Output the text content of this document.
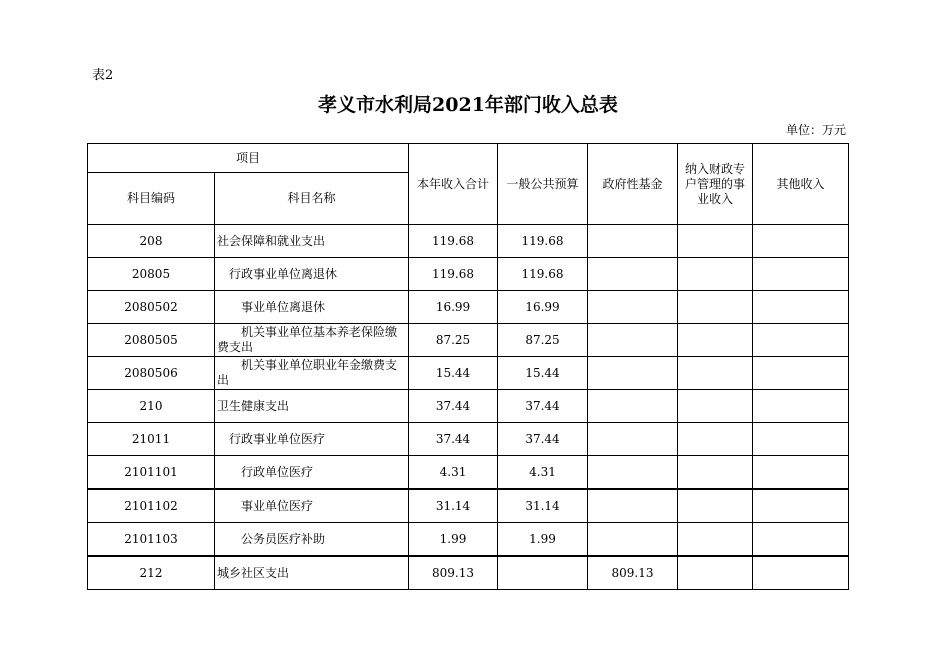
表2
孝义市水利局2021年部门收入总表
单位：万元
项目		本年收入合计	一般公共预算	政府性基金	纳入财政专户管理的事业收入	其他收入
科目编码	科目名称					
208	社会保障和就业支出	119.68	119.68			
20805	行政事业单位离退休	119.68	119.68			
2080502	事业单位离退休	16.99	16.99			
2080505	机关事业单位基本养老保险缴费支出	87.25	87.25			
2080506	机关事业单位职业年金缴费支出	15.44	15.44			
210	卫生健康支出	37.44	37.44			
21011	行政事业单位医疗	37.44	37.44			
2101101	行政单位医疗	4.31	4.31			
2101102	事业单位医疗	31.14	31.14			
2101103	公务员医疗补助	1.99	1.99			
212	城乡社区支出	809.13		809.13		
